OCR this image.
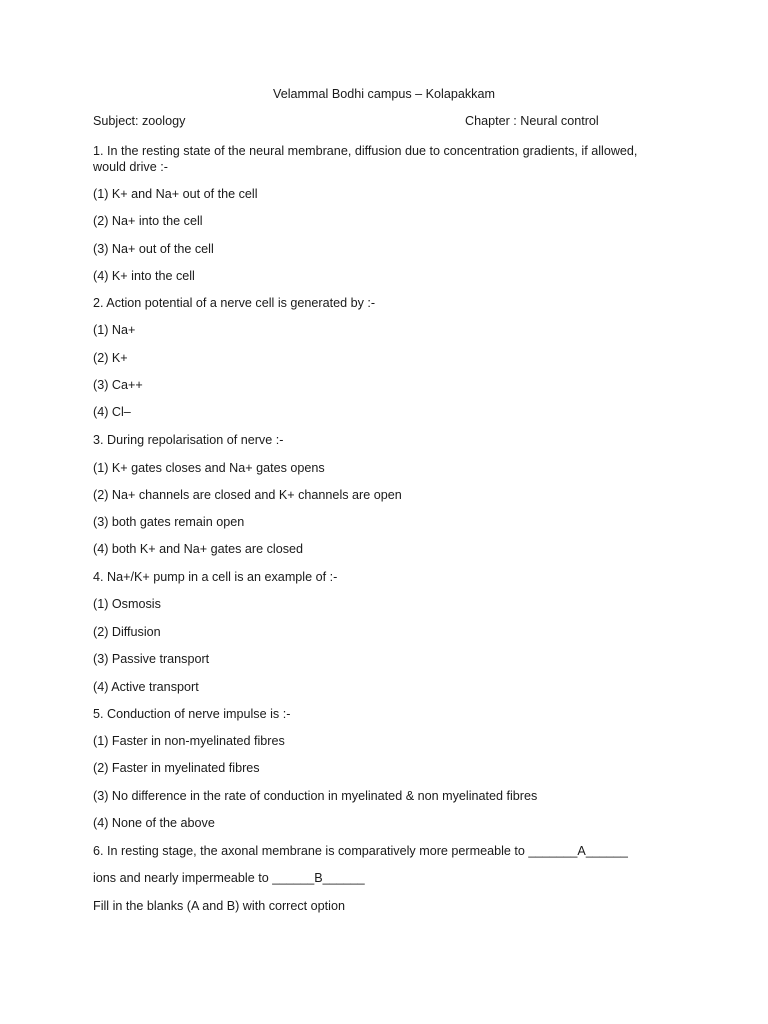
Velammal Bodhi campus – Kolapakkam
Subject: zoology	Chapter : Neural control
1. In the resting state of the neural membrane, diffusion due to concentration gradients, if allowed, would drive :-
(1) K+ and Na+ out of the cell
(2) Na+ into the cell
(3) Na+ out of the cell
(4) K+ into the cell
2. Action potential of a nerve cell is generated by :-
(1) Na+
(2) K+
(3) Ca++
(4) Cl–
3. During repolarisation of nerve :-
(1) K+ gates closes and Na+ gates opens
(2) Na+ channels are closed and K+ channels are open
(3) both gates remain open
(4) both K+ and Na+ gates are closed
4. Na+/K+ pump in a cell is an example of :-
(1) Osmosis
(2) Diffusion
(3) Passive transport
(4) Active transport
5. Conduction of nerve impulse is :-
(1) Faster in non-myelinated fibres
(2) Faster in myelinated fibres
(3) No difference in the rate of conduction in myelinated & non myelinated fibres
(4) None of the above
6. In resting stage, the axonal membrane is comparatively more permeable to _______A______
ions and nearly impermeable to ______B______
Fill in the blanks (A and B) with correct option
